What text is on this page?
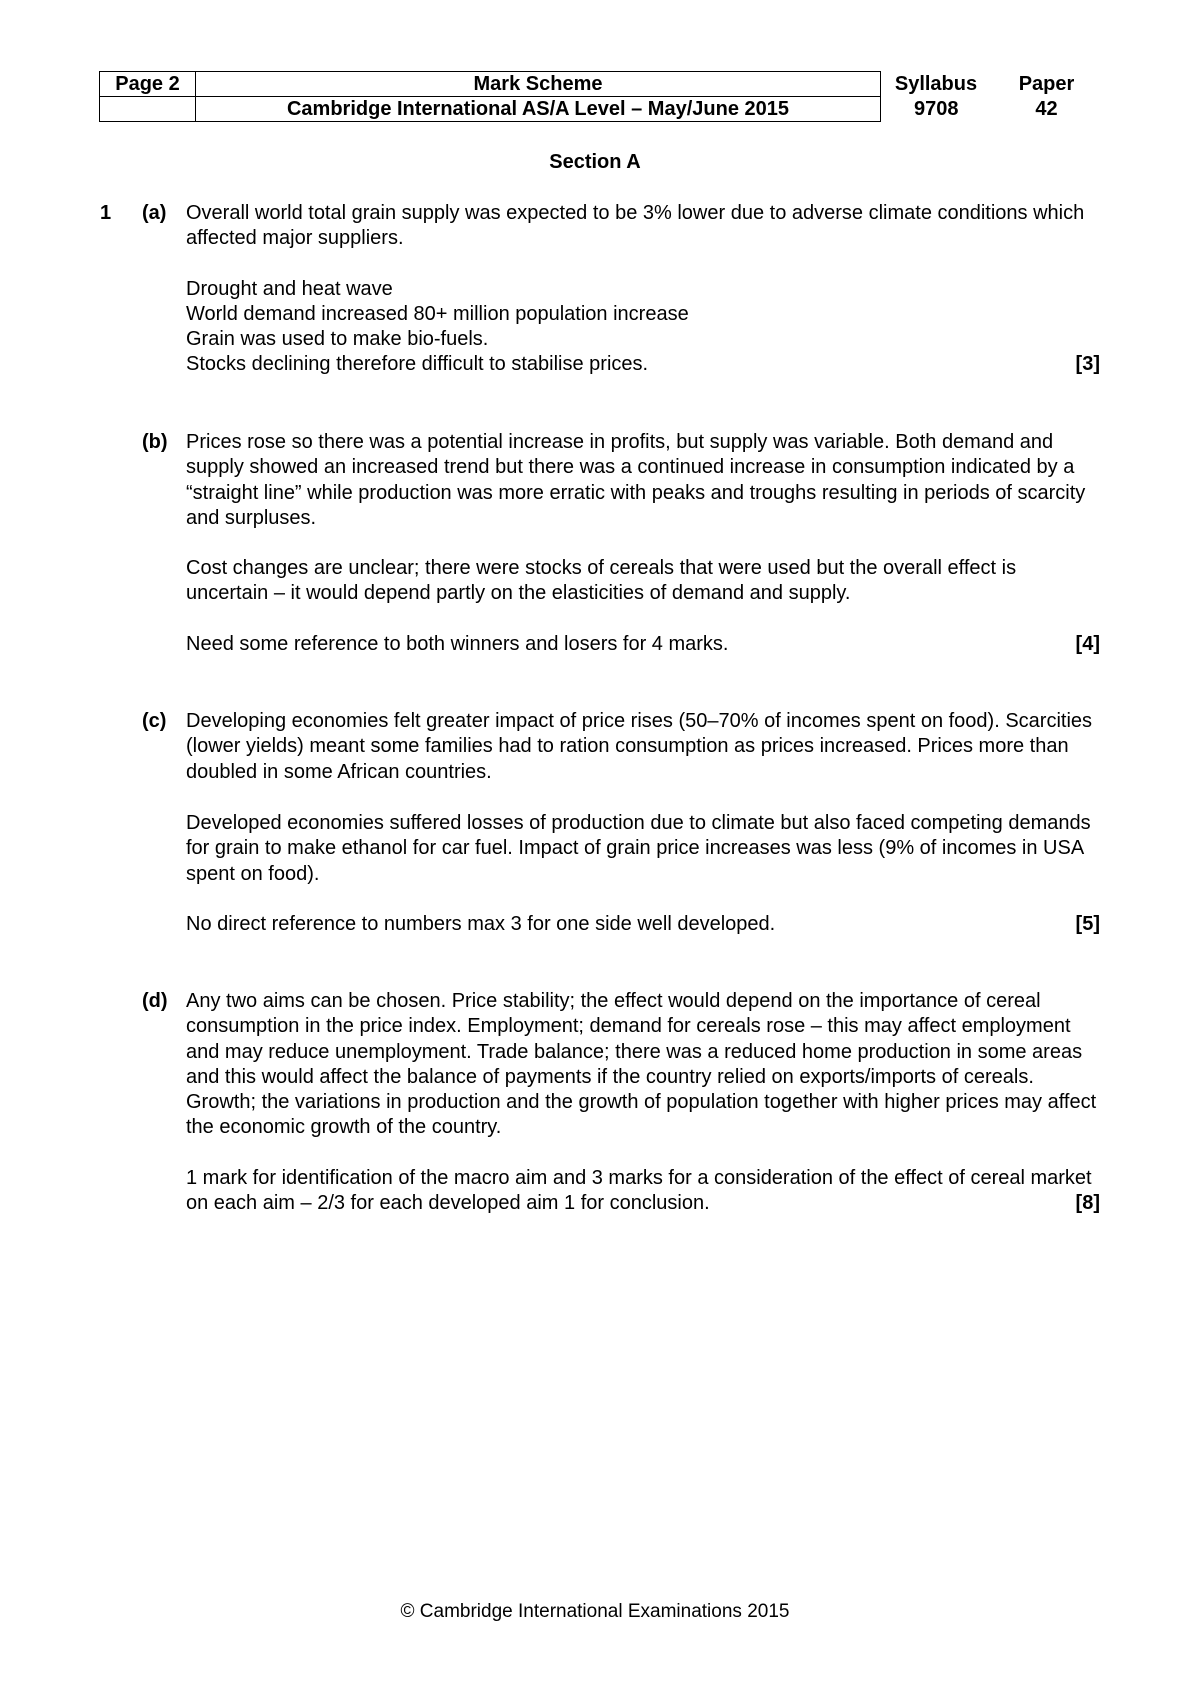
Page 2	Mark Scheme	Syllabus	Paper
	Cambridge International AS/A Level – May/June 2015	9708	42
Section A
1 (a) Overall world total grain supply was expected to be 3% lower due to adverse climate conditions which affected major suppliers.
Drought and heat wave
World demand increased 80+ million population increase
Grain was used to make bio-fuels.
Stocks declining therefore difficult to stabilise prices.	[3]
(b) Prices rose so there was a potential increase in profits, but supply was variable. Both demand and supply showed an increased trend but there was a continued increase in consumption indicated by a “straight line” while production was more erratic with peaks and troughs resulting in periods of scarcity and surpluses.
Cost changes are unclear; there were stocks of cereals that were used but the overall effect is uncertain – it would depend partly on the elasticities of demand and supply.
Need some reference to both winners and losers for 4 marks.	[4]
(c) Developing economies felt greater impact of price rises (50–70% of incomes spent on food). Scarcities (lower yields) meant some families had to ration consumption as prices increased. Prices more than doubled in some African countries.
Developed economies suffered losses of production due to climate but also faced competing demands for grain to make ethanol for car fuel. Impact of grain price increases was less (9% of incomes in USA spent on food).
No direct reference to numbers max 3 for one side well developed.	[5]
(d) Any two aims can be chosen. Price stability; the effect would depend on the importance of cereal consumption in the price index. Employment; demand for cereals rose – this may affect employment and may reduce unemployment. Trade balance; there was a reduced home production in some areas and this would affect the balance of payments if the country relied on exports/imports of cereals. Growth; the variations in production and the growth of population together with higher prices may affect the economic growth of the country.
1 mark for identification of the macro aim and 3 marks for a consideration of the effect of cereal market on each aim – 2/3 for each developed aim 1 for conclusion.	[8]
© Cambridge International Examinations 2015
